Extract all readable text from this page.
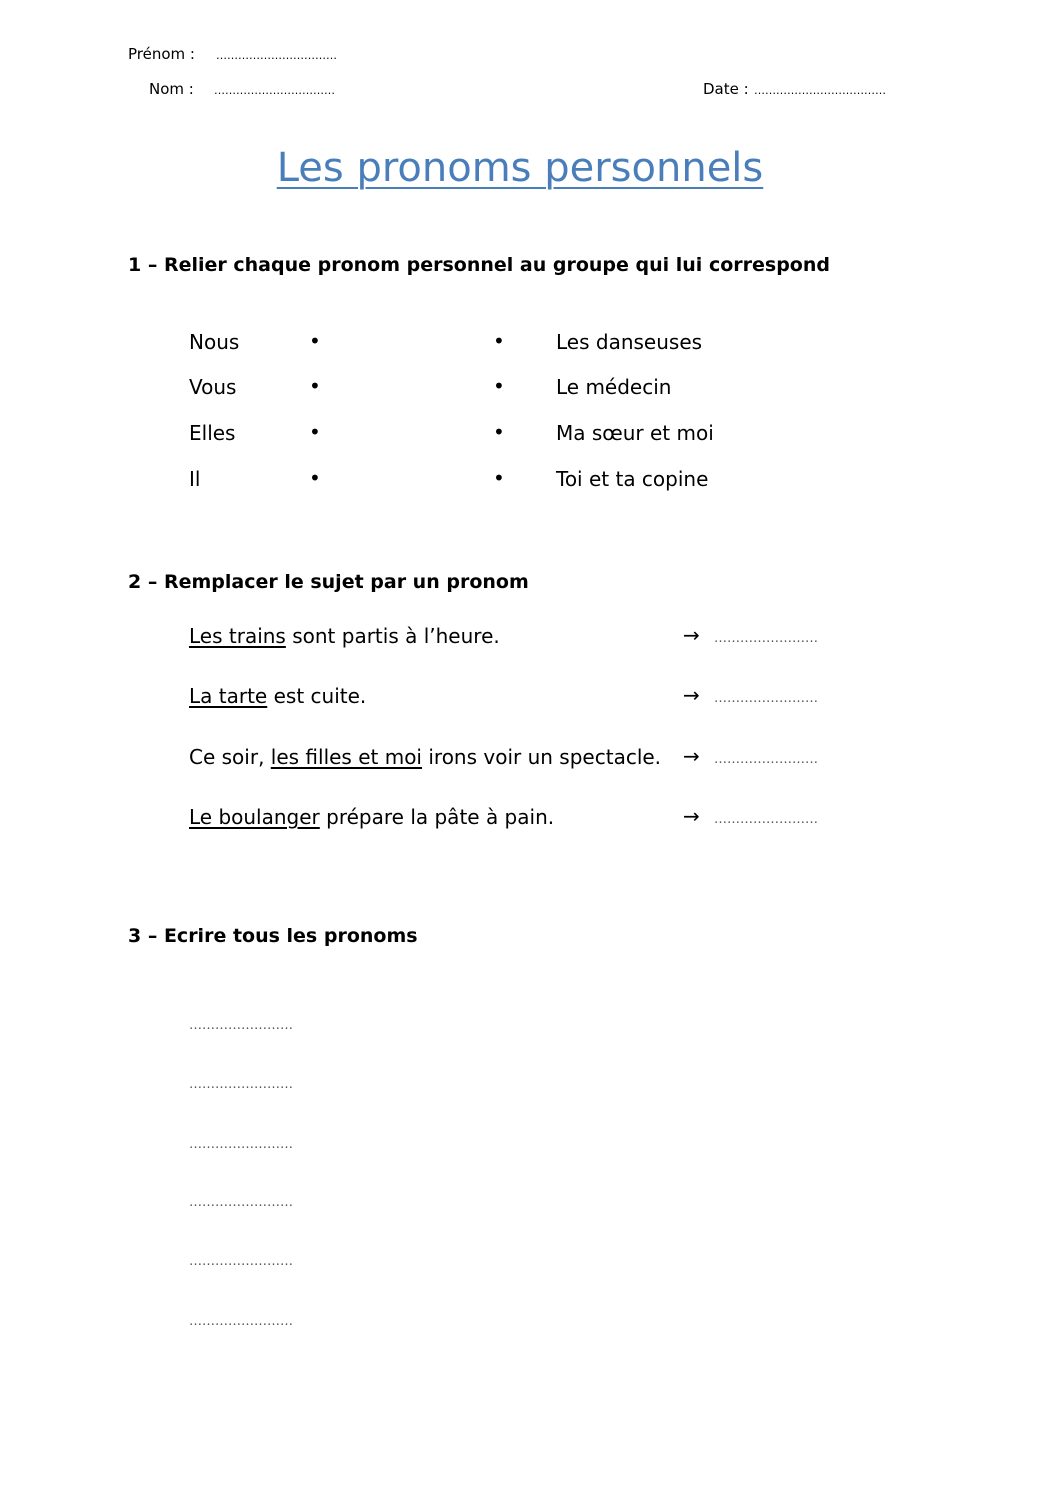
Prénom : ……………………………
Nom : ……………………………	Date : ………………………………
Les pronoms personnels
1 – Relier chaque pronom personnel au groupe qui lui correspond
Nous	•	•	Les danseuses
Vous	•	•	Le médecin
Elles	•	•	Ma sœur et moi
Il	•	•	Toi et ta copine
2 – Remplacer le sujet par un pronom
Les trains sont partis à l’heure.	→ ……………………
La tarte est cuite.	→ ……………………
Ce soir, les filles et moi irons voir un spectacle. → ……………………
Le boulanger prépare la pâte à pain.	→ ……………………
3 – Ecrire tous les pronoms
……………………
……………………
……………………
……………………
……………………
……………………
